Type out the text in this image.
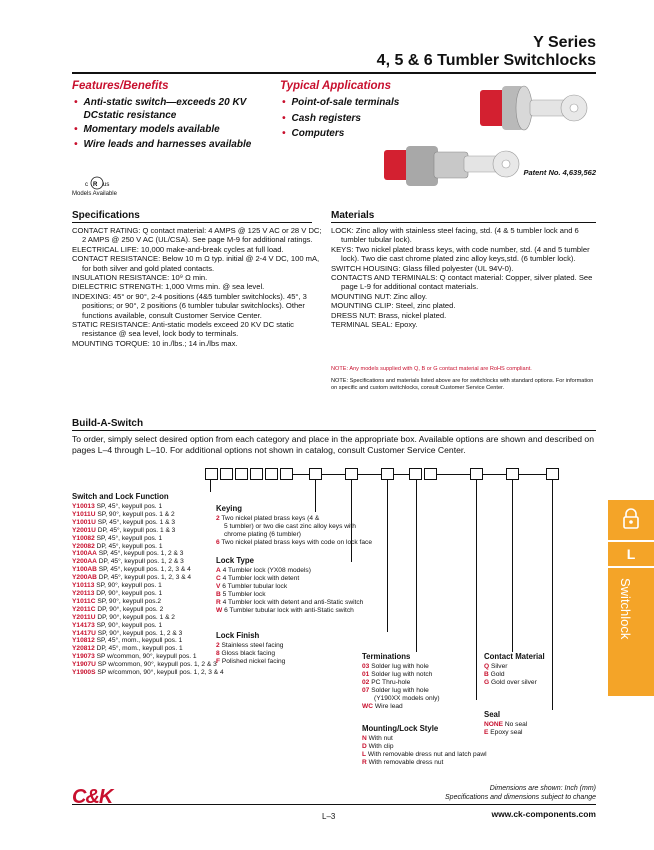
Y Series
4, 5 & 6 Tumbler Switchlocks
Features/Benefits
• Anti-static switch—exceeds 20 KV DCstatic resistance
• Momentary models available
• Wire leads and harnesses available
c R us
Models Available
Typical Applications
• Point-of-sale terminals
• Cash registers
• Computers
Patent No. 4,639,562
Specifications

CONTACT RATING: Q contact material: 4 AMPS @ 125 V AC or 28 V DC; 2 AMPS @ 250 V AC (UL/CSA). See page M-9 for additional ratings.

ELECTRICAL LIFE: 10,000 make-and-break cycles at full load.

CONTACT RESISTANCE: Below 10 m Ω typ. initial @ 2-4 V DC, 100 mA, for both silver and gold plated contacts.

INSULATION RESISTANCE: 10⁹ Ω min.

DIELECTRIC STRENGTH: 1,000 Vrms min. @ sea level.

INDEXING: 45° or 90°, 2-4 positions (4&5 tumbler switchlocks). 45°, 3 positions; or 90°, 2 positions (6 tumbler tubular switchlocks). Other functions available, consult Customer Service Center.

STATIC RESISTANCE: Anti-static models exceed 20 KV DC static resistance @ sea level, lock body to terminals.

MOUNTING TORQUE: 10 in./lbs.; 14 in./lbs max.

Materials

LOCK: Zinc alloy with stainless steel facing, std. (4 & 5 tumbler lock and 6 tumbler tubular lock).

KEYS: Two nickel plated brass keys, with code number, std. (4 and 5 tumbler lock). Two die cast chrome plated zinc alloy keys,std. (6 tumbler lock).

SWITCH HOUSING: Glass filled polyester (UL 94V-0).

CONTACTS AND TERMINALS: Q contact material: Copper, silver plated. See page L-9 for additional contact materials.

MOUNTING NUT: Zinc alloy.

MOUNTING CLIP: Steel, zinc plated.

DRESS NUT: Brass, nickel plated.

TERMINAL SEAL: Epoxy.

NOTE: Any models supplied with Q, B or G contact material are RoHS compliant.
NOTE: Specifications and materials listed above are for switchlocks with standard options. For information on specific and custom switchlocks, consult Customer Service Center.
Build-A-Switch
To order, simply select desired option from each category and place in the appropriate box. Available options are shown and described on pages L–4 through L–10. For additional options not shown in catalog, consult Customer Service Center.
Switch and Lock Function
Y10013 SP, 45°, keypull pos. 1
Y1011U SP, 90°, keypull pos. 1 & 2
Y1001U SP, 45°, keypull pos. 1 & 3
Y2001U DP, 45°, keypull pos. 1 & 3
Y10082 SP, 45°, keypull pos. 1
Y20082 DP, 45°, keypull pos. 1
Y100AA SP, 45°, keypull pos. 1, 2 & 3
Y200AA DP, 45°, keypull pos. 1, 2 & 3
Y100AB SP, 45°, keypull pos. 1, 2, 3 & 4
Y200AB DP, 45°, keypull pos. 1, 2, 3 & 4
Y10113 SP, 90°, keypull pos. 1
Y20113 DP, 90°, keypull pos. 1
Y1011C SP, 90°, keypull pos.2
Y2011C DP, 90°, keypull pos. 2
Y2011U DP, 90°, keypull pos. 1 & 2
Y14173 SP, 90°, keypull pos. 1
Y1417U SP, 90°, keypull pos. 1, 2 & 3
Y10812 SP, 45°, mom., keypull pos. 1
Y20812 DP, 45°, mom., keypull pos. 1
Y19073 SP w/common, 90°, keypull pos. 1
Y1907U SP w/common, 90°, keypull pos. 1, 2 & 3
Y1900S SP w/common, 90°, keypull pos. 1, 2, 3 & 4
Keying
2 Two nickel plated brass keys (4 &
5 tumbler) or two die cast zinc alloy keys with
chrome plating (6 tumbler)
6 Two nickel plated brass keys with code on lock face
Lock Type
A 4 Tumbler lock (YX08 models)
C 4 Tumbler lock with detent
V 6 Tumbler tubular lock
B 5 Tumbler lock
R 4 Tumbler lock with detent and anti-Static switch
W 6 Tumbler tubular lock with anti-Static switch
Lock Finish
2 Stainless steel facing
8 Gloss black facing
F Polished nickel facing
Terminations
03 Solder lug with hole
01 Solder lug with notch
02 PC Thru-hole
07 Solder lug with hole
(Y190XX models only)
WC Wire lead
Mounting/Lock Style
N With nut
D With clip
L With removable dress nut and latch pawl
R With removable dress nut
Contact Material
Q Silver
B Gold
G Gold over silver
Seal
NONE No seal
E Epoxy seal
L
Switchlock
C&K	Dimensions are shown: Inch (mm)
Specifications and dimensions subject to change
L–3	www.ck-components.com
